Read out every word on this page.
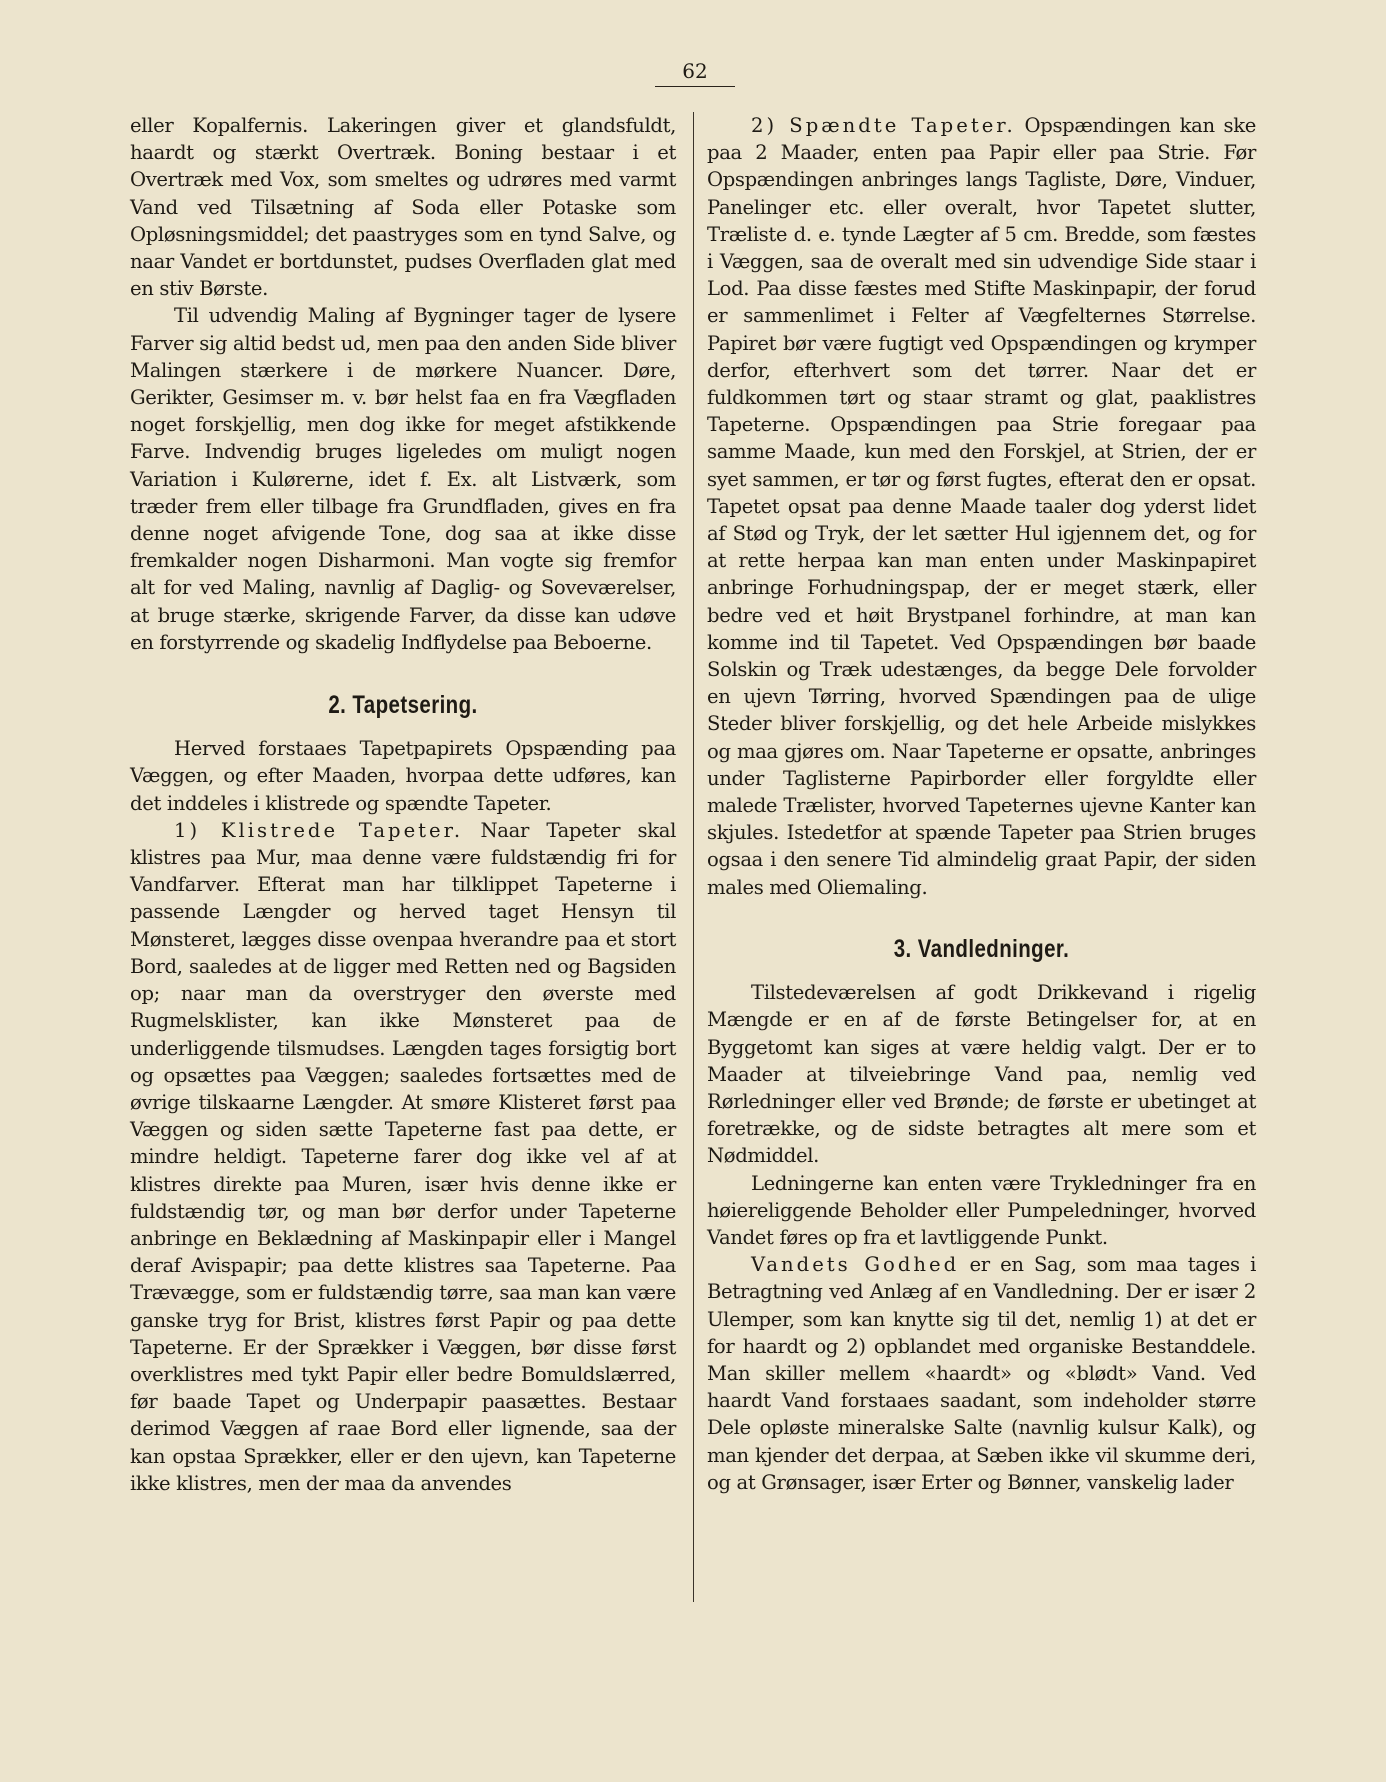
62

eller Kopalfernis. Lakeringen giver et glandsfuldt, haardt og stærkt Overtræk. Boning bestaar i et Overtræk med Vox, som smeltes og udrøres med varmt Vand ved Tilsætning af Soda eller Potaske som Opløsningsmiddel; det paastryges som en tynd Salve, og naar Vandet er bortdunstet, pudses Overfladen glat med en stiv Børste.

Til udvendig Maling af Bygninger tager de lysere Farver sig altid bedst ud, men paa den anden Side bliver Malingen stærkere i de mørkere Nuancer. Døre, Gerikter, Gesimser m. v. bør helst faa en fra Vægfladen noget forskjellig, men dog ikke for meget afstikkende Farve. Indvendig bruges ligeledes om muligt nogen Variation i Kulørerne, idet f. Ex. alt Listværk, som træder frem eller tilbage fra Grundfladen, gives en fra denne noget afvigende Tone, dog saa at ikke disse fremkalder nogen Disharmoni. Man vogte sig fremfor alt for ved Maling, navnlig af Daglig- og Soveværelser, at bruge stærke, skrigende Farver, da disse kan udøve en forstyrrende og skadelig Indflydelse paa Beboerne.

2. Tapetsering.

Herved forstaaes Tapetpapirets Opspænding paa Væggen, og efter Maaden, hvorpaa dette udføres, kan det inddeles i klistrede og spændte Tapeter.

1) Klistrede Tapeter. Naar Tapeter skal klistres paa Mur, maa denne være fuldstændig fri for Vandfarver. Efterat man har tilklippet Tapeterne i passende Længder og herved taget Hensyn til Mønsteret, lægges disse ovenpaa hverandre paa et stort Bord, saaledes at de ligger med Retten ned og Bagsiden op; naar man da overstryger den øverste med Rugmelsklister, kan ikke Mønsteret paa de underliggende tilsmudses. Længden tages forsigtig bort og opsættes paa Væggen; saaledes fortsættes med de øvrige tilskaarne Længder. At smøre Klisteret først paa Væggen og siden sætte Tapeterne fast paa dette, er mindre heldigt. Tapeterne farer dog ikke vel af at klistres direkte paa Muren, især hvis denne ikke er fuldstændig tør, og man bør derfor under Tapeterne anbringe en Beklædning af Maskinpapir eller i Mangel deraf Avispapir; paa dette klistres saa Tapeterne. Paa Trævægge, som er fuldstændig tørre, saa man kan være ganske tryg for Brist, klistres først Papir og paa dette Tapeterne. Er der Sprækker i Væggen, bør disse først overklistres med tykt Papir eller bedre Bomuldslærred, før baade Tapet og Underpapir paasættes. Bestaar derimod Væggen af raae Bord eller lignende, saa der kan opstaa Sprækker, eller er den ujevn, kan Tapeterne ikke klistres, men der maa da anvendes

2) Spændte Tapeter. Opspændingen kan ske paa 2 Maader, enten paa Papir eller paa Strie. Før Opspændingen anbringes langs Tagliste, Døre, Vinduer, Panelinger etc. eller overalt, hvor Tapetet slutter, Træliste d. e. tynde Lægter af 5 cm. Bredde, som fæstes i Væggen, saa de overalt med sin udvendige Side staar i Lod. Paa disse fæstes med Stifte Maskinpapir, der forud er sammenlimet i Felter af Vægfelternes Størrelse. Papiret bør være fugtigt ved Opspændingen og krymper derfor, efterhvert som det tørrer. Naar det er fuldkommen tørt og staar stramt og glat, paaklistres Tapeterne. Opspændingen paa Strie foregaar paa samme Maade, kun med den Forskjel, at Strien, der er syet sammen, er tør og først fugtes, efterat den er opsat. Tapetet opsat paa denne Maade taaler dog yderst lidet af Stød og Tryk, der let sætter Hul igjennem det, og for at rette herpaa kan man enten under Maskinpapiret anbringe Forhudningspap, der er meget stærk, eller bedre ved et høit Brystpanel forhindre, at man kan komme ind til Tapetet. Ved Opspændingen bør baade Solskin og Træk udestænges, da begge Dele forvolder en ujevn Tørring, hvorved Spændingen paa de ulige Steder bliver forskjellig, og det hele Arbeide mislykkes og maa gjøres om. Naar Tapeterne er opsatte, anbringes under Taglisterne Papirborder eller forgyldte eller malede Trælister, hvorved Tapeternes ujevne Kanter kan skjules. Istedetfor at spænde Tapeter paa Strien bruges ogsaa i den senere Tid almindelig graat Papir, der siden males med Oliemaling.

3. Vandledninger.

Tilstedeværelsen af godt Drikkevand i rigelig Mængde er en af de første Betingelser for, at en Byggetomt kan siges at være heldig valgt. Der er to Maader at tilveiebringe Vand paa, nemlig ved Rørledninger eller ved Brønde; de første er ubetinget at foretrække, og de sidste betragtes alt mere som et Nødmiddel.

Ledningerne kan enten være Trykledninger fra en høiereliggende Beholder eller Pumpeledninger, hvorved Vandet føres op fra et lavtliggende Punkt.

Vandets Godhed er en Sag, som maa tages i Betragtning ved Anlæg af en Vandledning. Der er især 2 Ulemper, som kan knytte sig til det, nemlig 1) at det er for haardt og 2) opblandet med organiske Bestanddele. Man skiller mellem «haardt» og «blødt» Vand. Ved haardt Vand forstaaes saadant, som indeholder større Dele opløste mineralske Salte (navnlig kulsur Kalk), og man kjender det derpaa, at Sæben ikke vil skumme deri, og at Grønsager, især Erter og Bønner, vanskelig lader
